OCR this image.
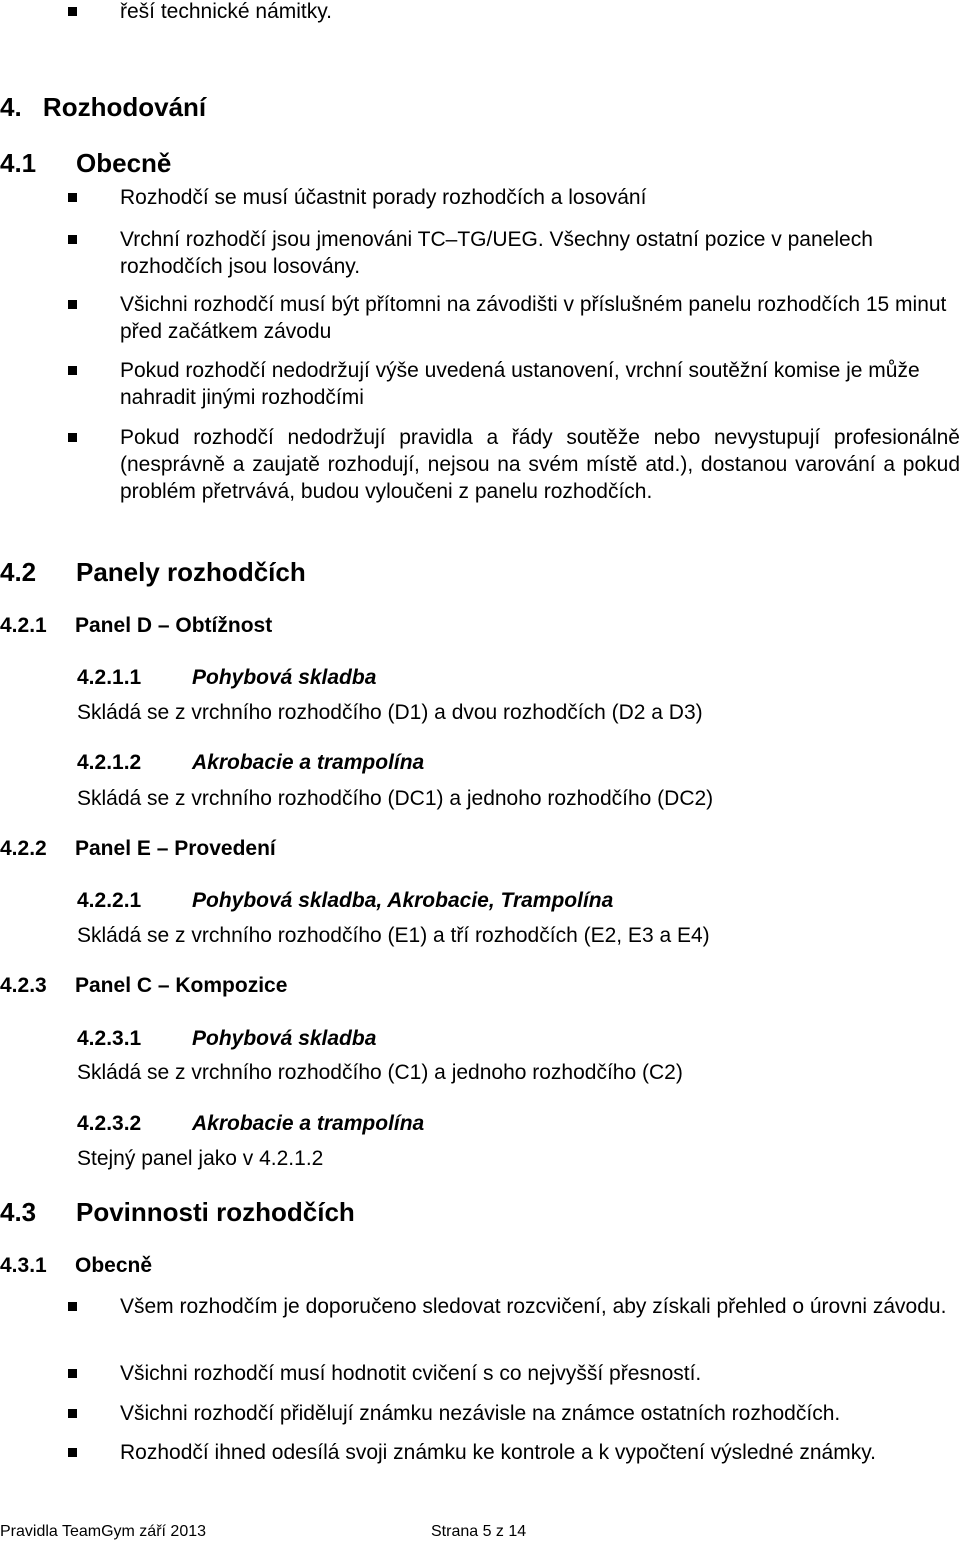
řeší technické námitky.
4. Rozhodování
4.1 Obecně
Rozhodčí se musí účastnit porady rozhodčích a losování
Vrchní rozhodčí jsou jmenováni TC–TG/UEG. Všechny ostatní pozice v panelech rozhodčích jsou losovány.
Všichni rozhodčí musí být přítomni na závodišti v příslušném panelu rozhodčích 15 minut před začátkem závodu
Pokud rozhodčí nedodržují výše uvedená ustanovení, vrchní soutěžní komise je může nahradit jinými rozhodčími
Pokud rozhodčí nedodržují pravidla a řády soutěže nebo nevystupují profesionálně (nesprávně a zaujatě rozhodují, nejsou na svém místě atd.), dostanou varování a pokud problém přetrvává, budou vyloučeni z panelu rozhodčích.
4.2 Panely rozhodčích
4.2.1 Panel D – Obtížnost
4.2.1.1 Pohybová skladba

Skládá se z vrchního rozhodčího (D1) a dvou rozhodčích (D2 a D3)

4.2.1.2 Akrobacie a trampolína

Skládá se z vrchního rozhodčího (DC1) a jednoho rozhodčího (DC2)

4.2.2 Panel E – Provedení
4.2.2.1 Pohybová skladba, Akrobacie, Trampolína

Skládá se z vrchního rozhodčího (E1) a tří rozhodčích (E2, E3 a E4)

4.2.3 Panel C – Kompozice
4.2.3.1 Pohybová skladba

Skládá se z vrchního rozhodčího (C1) a jednoho rozhodčího (C2)

4.2.3.2 Akrobacie a trampolína

Stejný panel jako v 4.2.1.2

4.3 Povinnosti rozhodčích
4.3.1 Obecně
Všem rozhodčím je doporučeno sledovat rozcvičení, aby získali přehled o úrovni závodu.
Všichni rozhodčí musí hodnotit cvičení s co nejvyšší přesností.
Všichni rozhodčí přidělují známku nezávisle na známce ostatních rozhodčích.
Rozhodčí ihned odesílá svoji známku ke kontrole a k vypočtení výsledné známky.
Pravidla TeamGym září 2013	Strana 5 z 14
